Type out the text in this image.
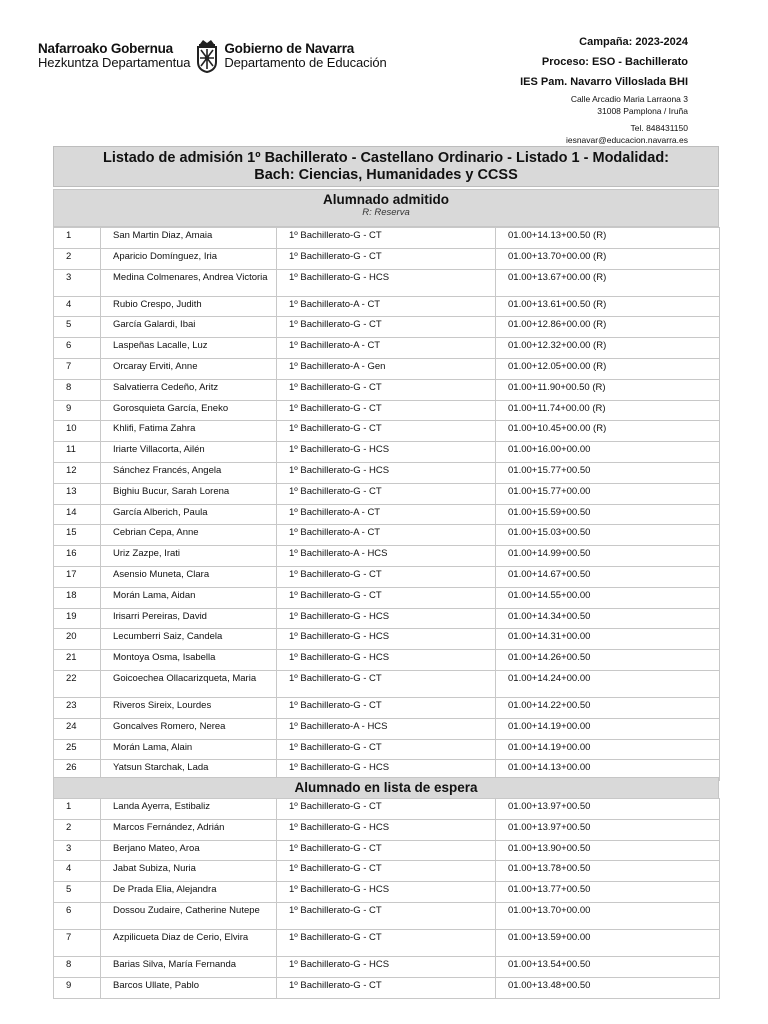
Nafarroako Gobernua
Hezkuntza Departamentua
Gobierno de Navarra
Departamento de Educación
Campaña: 2023-2024
Proceso: ESO - Bachillerato
IES Pam. Navarro Villoslada BHI
Calle Arcadio Maria Larraona 3
31008 Pamplona / Iruña
Tel. 848431150
iesnavar@educacion.navarra.es
Listado de admisión 1º Bachillerato - Castellano Ordinario - Listado 1 - Modalidad:
Bach: Ciencias, Humanidades y CCSS
Alumnado admitido
R: Reserva
1	San Martin Diaz, Amaia	1º Bachillerato-G - CT	01.00+14.13+00.50 (R)
2	Aparicio Domínguez, Iria	1º Bachillerato-G - CT	01.00+13.70+00.00 (R)
3	Medina Colmenares, Andrea Victoria	1º Bachillerato-G - HCS	01.00+13.67+00.00 (R)
4	Rubio Crespo, Judith	1º Bachillerato-A - CT	01.00+13.61+00.50 (R)
5	García Galardi, Ibai	1º Bachillerato-G - CT	01.00+12.86+00.00 (R)
6	Laspeñas Lacalle, Luz	1º Bachillerato-A - CT	01.00+12.32+00.00 (R)
7	Orcaray Erviti, Anne	1º Bachillerato-A - Gen	01.00+12.05+00.00 (R)
8	Salvatierra Cedeño, Aritz	1º Bachillerato-G - CT	01.00+11.90+00.50 (R)
9	Gorosquieta García, Eneko	1º Bachillerato-G - CT	01.00+11.74+00.00 (R)
10	Khlifi, Fatima Zahra	1º Bachillerato-G - CT	01.00+10.45+00.00 (R)
11	Iriarte Villacorta, Ailén	1º Bachillerato-G - HCS	01.00+16.00+00.00
12	Sánchez Francés, Angela	1º Bachillerato-G - HCS	01.00+15.77+00.50
13	Bighiu Bucur, Sarah Lorena	1º Bachillerato-G - CT	01.00+15.77+00.00
14	García Alberich, Paula	1º Bachillerato-A - CT	01.00+15.59+00.50
15	Cebrian Cepa, Anne	1º Bachillerato-A - CT	01.00+15.03+00.50
16	Uriz Zazpe, Irati	1º Bachillerato-A - HCS	01.00+14.99+00.50
17	Asensio Muneta, Clara	1º Bachillerato-G - CT	01.00+14.67+00.50
18	Morán Lama, Aidan	1º Bachillerato-G - CT	01.00+14.55+00.00
19	Irisarri Pereiras, David	1º Bachillerato-G - HCS	01.00+14.34+00.50
20	Lecumberri Saiz, Candela	1º Bachillerato-G - HCS	01.00+14.31+00.00
21	Montoya Osma, Isabella	1º Bachillerato-G - HCS	01.00+14.26+00.50
22	Goicoechea Ollacarizqueta, Maria	1º Bachillerato-G - CT	01.00+14.24+00.00
23	Riveros Sireix, Lourdes	1º Bachillerato-G - CT	01.00+14.22+00.50
24	Goncalves Romero, Nerea	1º Bachillerato-A - HCS	01.00+14.19+00.00
25	Morán Lama, Alain	1º Bachillerato-G - CT	01.00+14.19+00.00
26	Yatsun Starchak, Lada	1º Bachillerato-G - HCS	01.00+14.13+00.00
Alumnado en lista de espera
1	Landa Ayerra, Estibaliz	1º Bachillerato-G - CT	01.00+13.97+00.50
2	Marcos Fernández, Adrián	1º Bachillerato-G - HCS	01.00+13.97+00.50
3	Berjano Mateo, Aroa	1º Bachillerato-G - CT	01.00+13.90+00.50
4	Jabat Subiza, Nuria	1º Bachillerato-G - CT	01.00+13.78+00.50
5	De Prada Elia, Alejandra	1º Bachillerato-G - HCS	01.00+13.77+00.50
6	Dossou Zudaire, Catherine Nutepe	1º Bachillerato-G - CT	01.00+13.70+00.00
7	Azpilicueta Diaz de Cerio, Elvira	1º Bachillerato-G - CT	01.00+13.59+00.00
8	Barias Silva, María Fernanda	1º Bachillerato-G - HCS	01.00+13.54+00.50
9	Barcos Ullate, Pablo	1º Bachillerato-G - CT	01.00+13.48+00.50
